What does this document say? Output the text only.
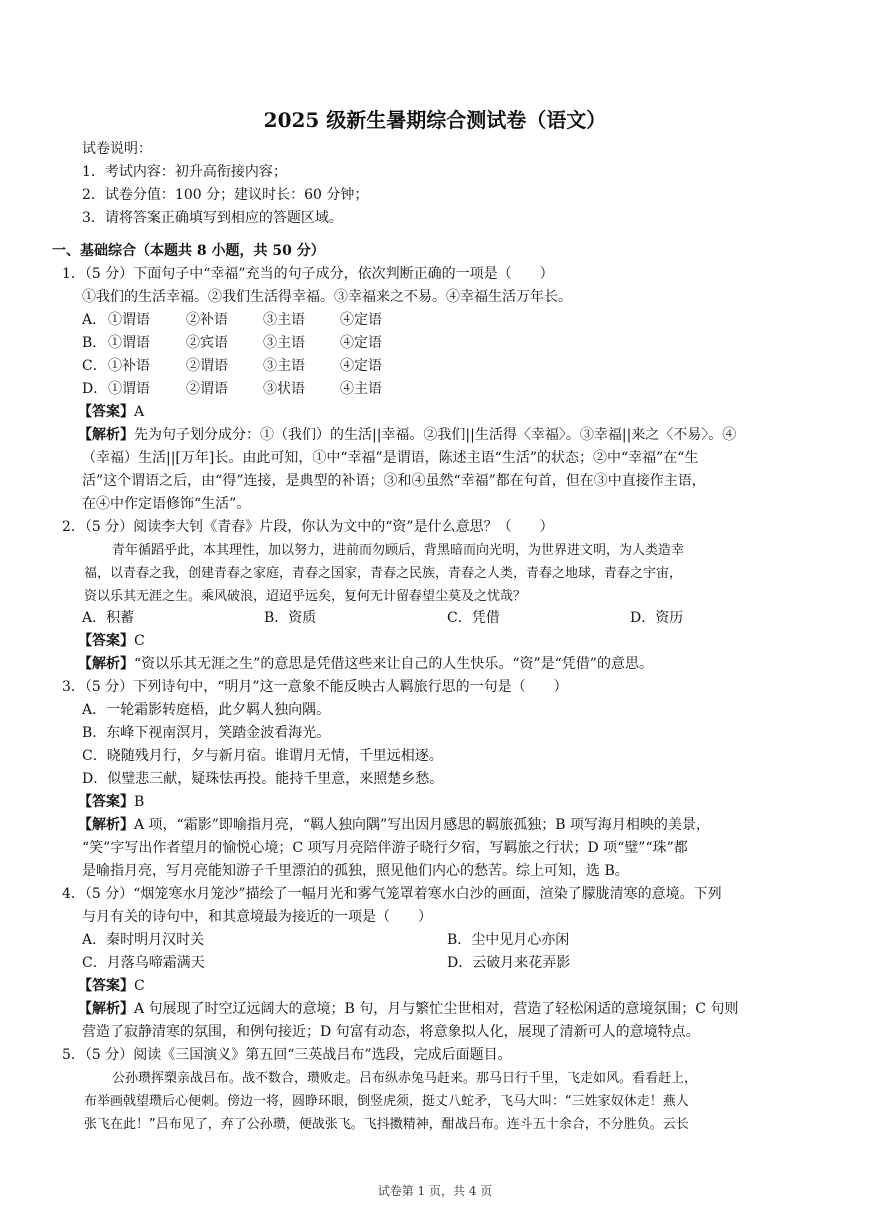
2025 级新生暑期综合测试卷（语文）
试卷说明：
1．考试内容：初升高衔接内容；
2．试卷分值：100 分；建议时长：60 分钟；
3．请将答案正确填写到相应的答题区域。
一、基础综合（本题共 8 小题，共 50 分）
1．（5 分）下面句子中“幸福”充当的句子成分，依次判断正确的一项是（　　）
①我们的生活幸福。②我们生活得幸福。③幸福来之不易。④幸福生活万年长。
A． ①谓语	②补语	③主语	④定语
B． ①谓语	②宾语	③主语	④定语
C． ①补语	②谓语	③主语	④定语
D． ①谓语	②谓语	③状语	④主语
【答案】A
【解析】先为句子划分成分：①（我们）的生活||幸福。②我们||生活得〈幸福〉。③幸福||来之〈不易〉。④
（幸福）生活||[万年]长。由此可知，①中“幸福”是谓语，陈述主语“生活”的状态；②中“幸福”在“生
活”这个谓语之后，由“得”连接，是典型的补语；③和④虽然“幸福”都在句首，但在③中直接作主语，
在④中作定语修饰“生活”。
2．（5 分）阅读李大钊《青春》片段，你认为文中的“资”是什么意思？（　　）
青年循蹈乎此，本其理性，加以努力，进前而勿顾后，背黑暗而向光明，为世界进文明，为人类造幸
福，以青春之我，创建青春之家庭，青春之国家，青春之民族，青春之人类，青春之地球，青春之宇宙，
资以乐其无涯之生。乘风破浪，迢迢乎远矣，复何无计留春望尘莫及之忧哉？
A．积蓄	B．资质	C．凭借	D．资历
【答案】C
【解析】“资以乐其无涯之生”的意思是凭借这些来让自己的人生快乐。“资”是“凭借”的意思。
3．（5 分）下列诗句中，“明月”这一意象不能反映古人羁旅行思的一句是（　　）
A．一轮霜影转庭梧，此夕羁人独向隅。
B．东峰下视南溟月，笑踏金波看海光。
C．晓随残月行，夕与新月宿。谁谓月无情，千里远相逐。
D．似璧悲三献，疑珠怯再投。能持千里意，来照楚乡愁。
【答案】B
【解析】A 项，“霜影”即喻指月亮，“羁人独向隅”写出因月感思的羁旅孤独；B 项写海月相映的美景，
“笑”字写出作者望月的愉悦心境；C 项写月亮陪伴游子晓行夕宿，写羁旅之行状；D 项“璧”“珠”都
是喻指月亮，写月亮能知游子千里漂泊的孤独，照见他们内心的愁苦。综上可知，选 B。
4．（5 分）“烟笼寒水月笼沙”描绘了一幅月光和雾气笼罩着寒水白沙的画面，渲染了朦胧清寒的意境。下列
与月有关的诗句中，和其意境最为接近的一项是（　　）
A．秦时明月汉时关	B．尘中见月心亦闲
C．月落乌啼霜满天	D．云破月来花弄影
【答案】C
【解析】A 句展现了时空辽远阔大的意境；B 句，月与繁忙尘世相对，营造了轻松闲适的意境氛围；C 句则
营造了寂静清寒的氛围，和例句接近；D 句富有动态，将意象拟人化，展现了清新可人的意境特点。
5．（5 分）阅读《三国演义》第五回“三英战吕布”选段，完成后面题目。
公孙瓒挥槊亲战吕布。战不数合，瓒败走。吕布纵赤兔马赶来。那马日行千里，飞走如风。看看赶上，
布举画戟望瓒后心便刺。傍边一将，圆睁环眼，倒竖虎须，挺丈八蛇矛，飞马大叫：“三姓家奴休走！燕人
张飞在此！”吕布见了，弃了公孙瓒，便战张飞。飞抖擞精神，酣战吕布。连斗五十余合，不分胜负。云长
试卷第 1 页，共 4 页
